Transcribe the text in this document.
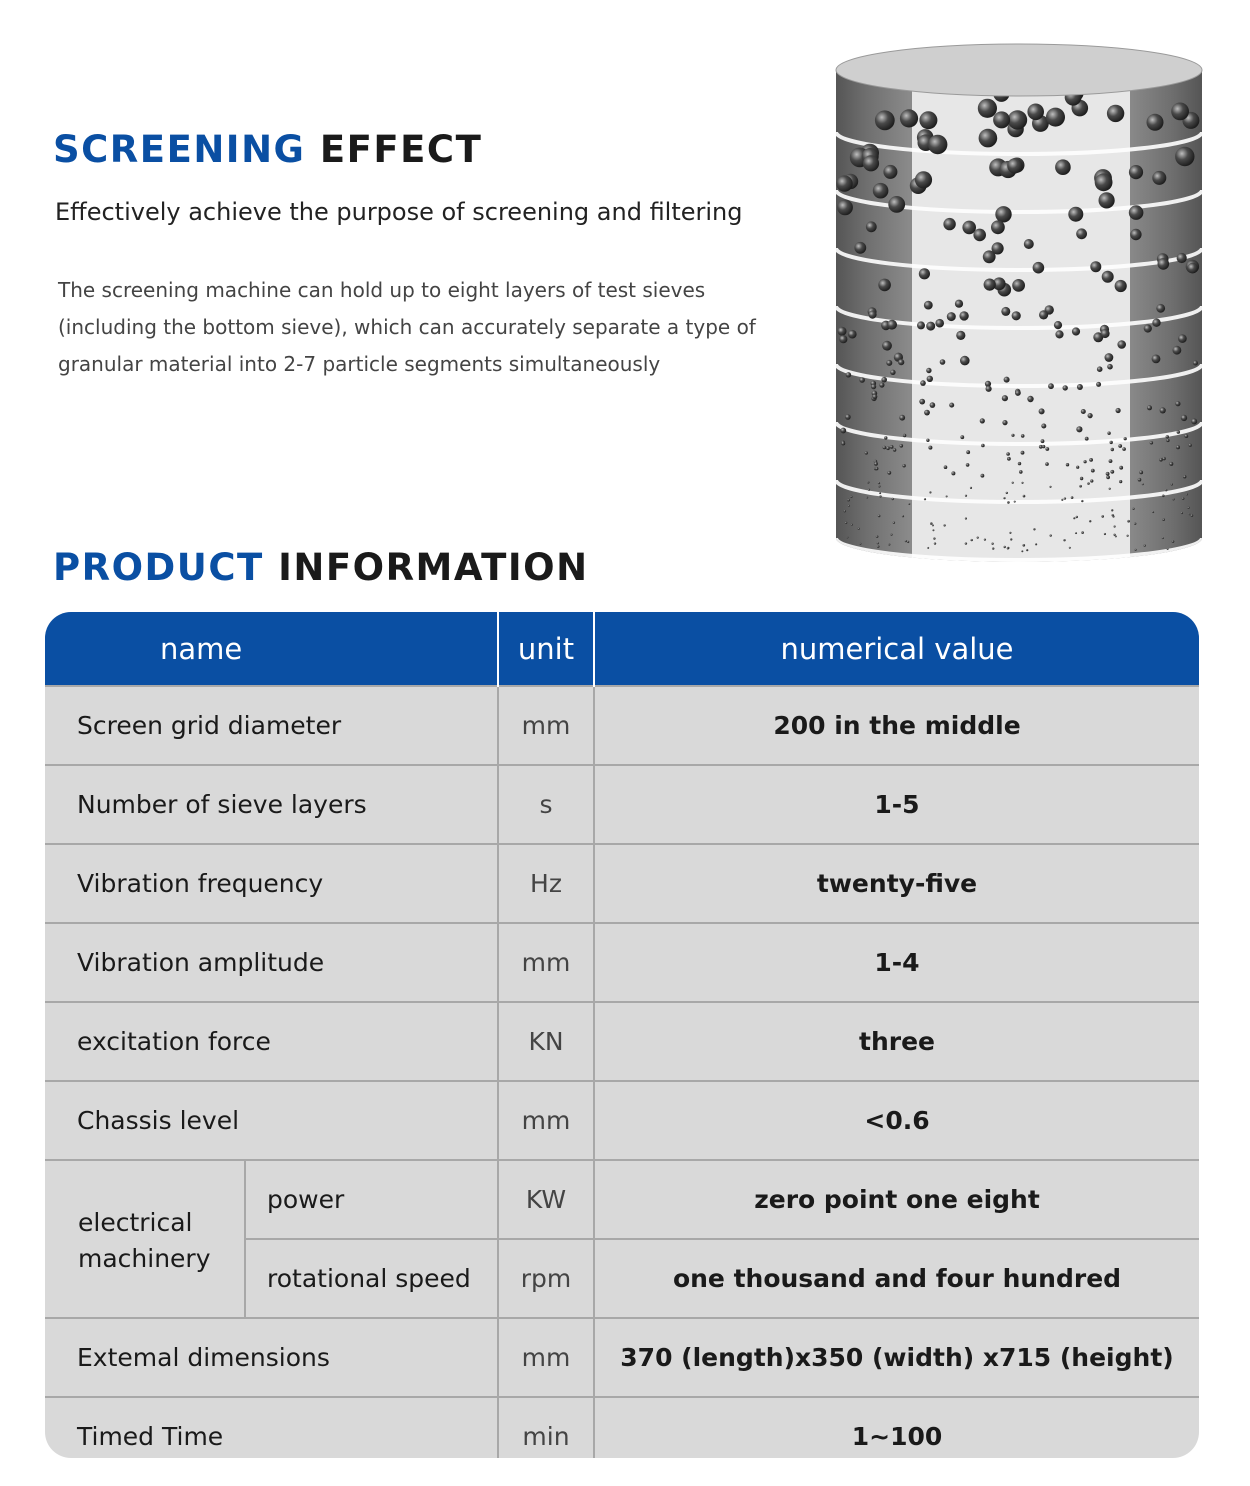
SCREENING EFFECT

Effectively achieve the purpose of screening and filtering

The screening machine can hold up to eight layers of test sieves (including the bottom sieve), which can accurately separate a type of granular material into 2-7 particle segments simultaneously

PRODUCT INFORMATION
name		unit	numerical value
Screen grid diameter		mm	200 in the middle
Number of sieve layers		s	1-5
Vibration frequency		Hz	twenty-five
Vibration amplitude		mm	1-4
excitation force		KN	three
Chassis level		mm	<0.6
electrical machinery	power	KW	zero point one eight
	rotational speed	rpm	one thousand and four hundred
Extemal dimensions		mm	370 (length)x350 (width) x715 (height)
Timed Time		min	1~100
